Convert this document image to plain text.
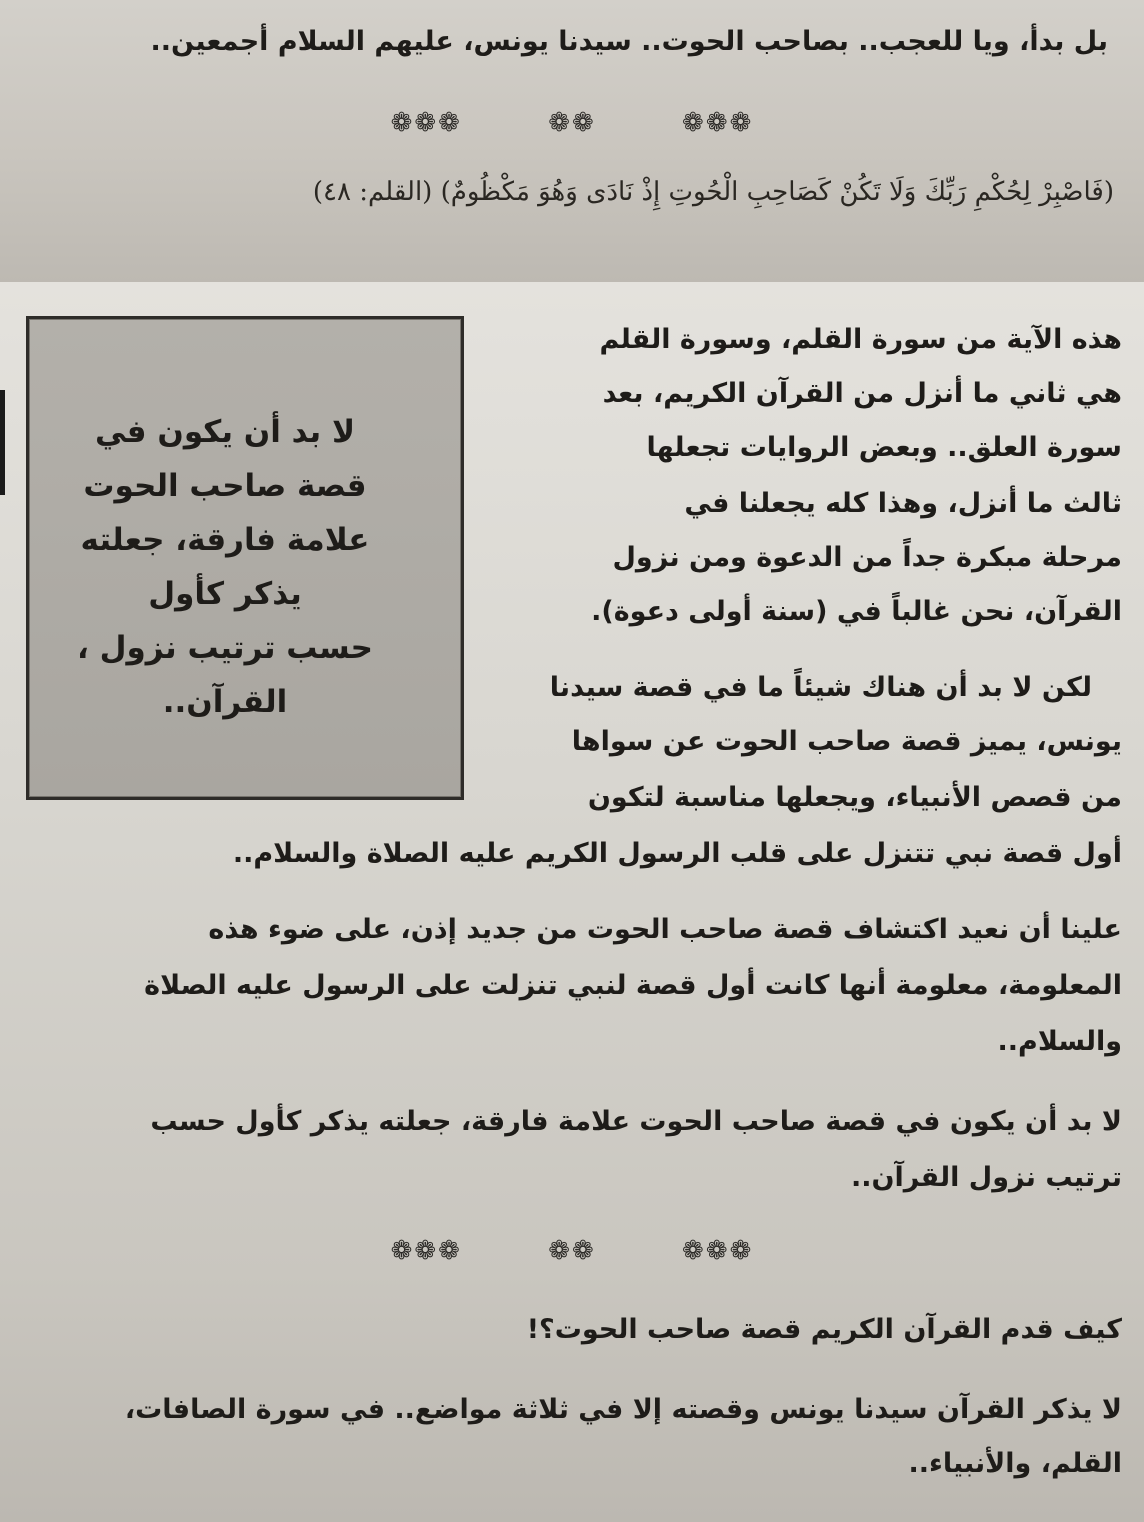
بل بدأ، ويا للعجب.. بصاحب الحوت.. سيدنا يونس، عليهم السلام أجمعين..
❁❁❁	❁❁	❁❁❁
(فَاصْبِرْ لِحُكْمِ رَبِّكَ وَلَا تَكُنْ كَصَاحِبِ الْحُوتِ إِذْ نَادَى وَهُوَ مَكْظُومٌ) (القلم: ٤٨)
لا بد أن يكون في
قصة صاحب الحوت
علامة فارقة، جعلته
يذكر كأول
حسب ترتيب نزول ،
القرآن..
هذه الآية من سورة القلم، وسورة القلم
هي ثاني ما أنزل من القرآن الكريم، بعد
سورة العلق.. وبعض الروايات تجعلها
ثالث ما أنزل، وهذا كله يجعلنا في
مرحلة مبكرة جداً من الدعوة ومن نزول
القرآن، نحن غالباً في (سنة أولى دعوة).
لكن لا بد أن هناك شيئاً ما في قصة سيدنا
يونس، يميز قصة صاحب الحوت عن سواها
من قصص الأنبياء، ويجعلها مناسبة لتكون
أول قصة نبي تتنزل على قلب الرسول الكريم عليه الصلاة والسلام..
علينا أن نعيد اكتشاف قصة صاحب الحوت من جديد إذن، على ضوء هذه
المعلومة، معلومة أنها كانت أول قصة لنبي تنزلت على الرسول عليه الصلاة
والسلام..
لا بد أن يكون في قصة صاحب الحوت علامة فارقة، جعلته يذكر كأول حسب
ترتيب نزول القرآن..
❁❁❁	❁❁	❁❁❁
كيف قدم القرآن الكريم قصة صاحب الحوت؟!
لا يذكر القرآن سيدنا يونس وقصته إلا في ثلاثة مواضع.. في سورة الصافات،
القلم، والأنبياء..
